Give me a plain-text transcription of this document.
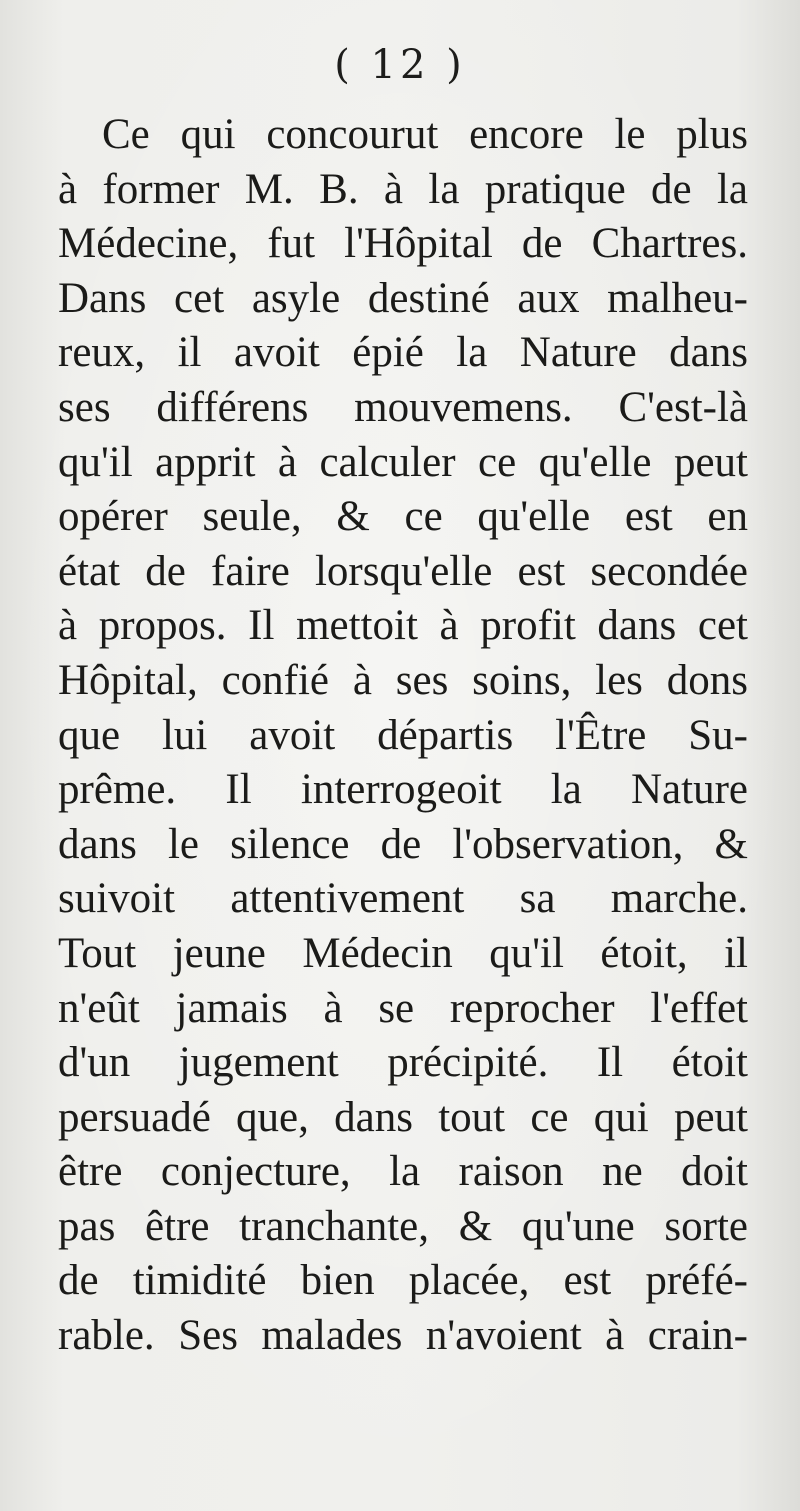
( 12 )
Ce qui concourut encore le plus
à former M. B. à la pratique de la
Médecine, fut l'Hôpital de Chartres.
Dans cet asyle destiné aux malheu-
reux, il avoit épié la Nature dans
ses différens mouvemens. C'est-là
qu'il apprit à calculer ce qu'elle peut
opérer seule, & ce qu'elle est en
état de faire lorsqu'elle est secondée
à propos. Il mettoit à profit dans cet
Hôpital, confié à ses soins, les dons
que lui avoit départis l'Être Su-
prême. Il interrogeoit la Nature
dans le silence de l'observation, &
suivoit attentivement sa marche.
Tout jeune Médecin qu'il étoit, il
n'eût jamais à se reprocher l'effet
d'un jugement précipité. Il étoit
persuadé que, dans tout ce qui peut
être conjecture, la raison ne doit
pas être tranchante, & qu'une sorte
de timidité bien placée, est préfé-
rable. Ses malades n'avoient à crain-
